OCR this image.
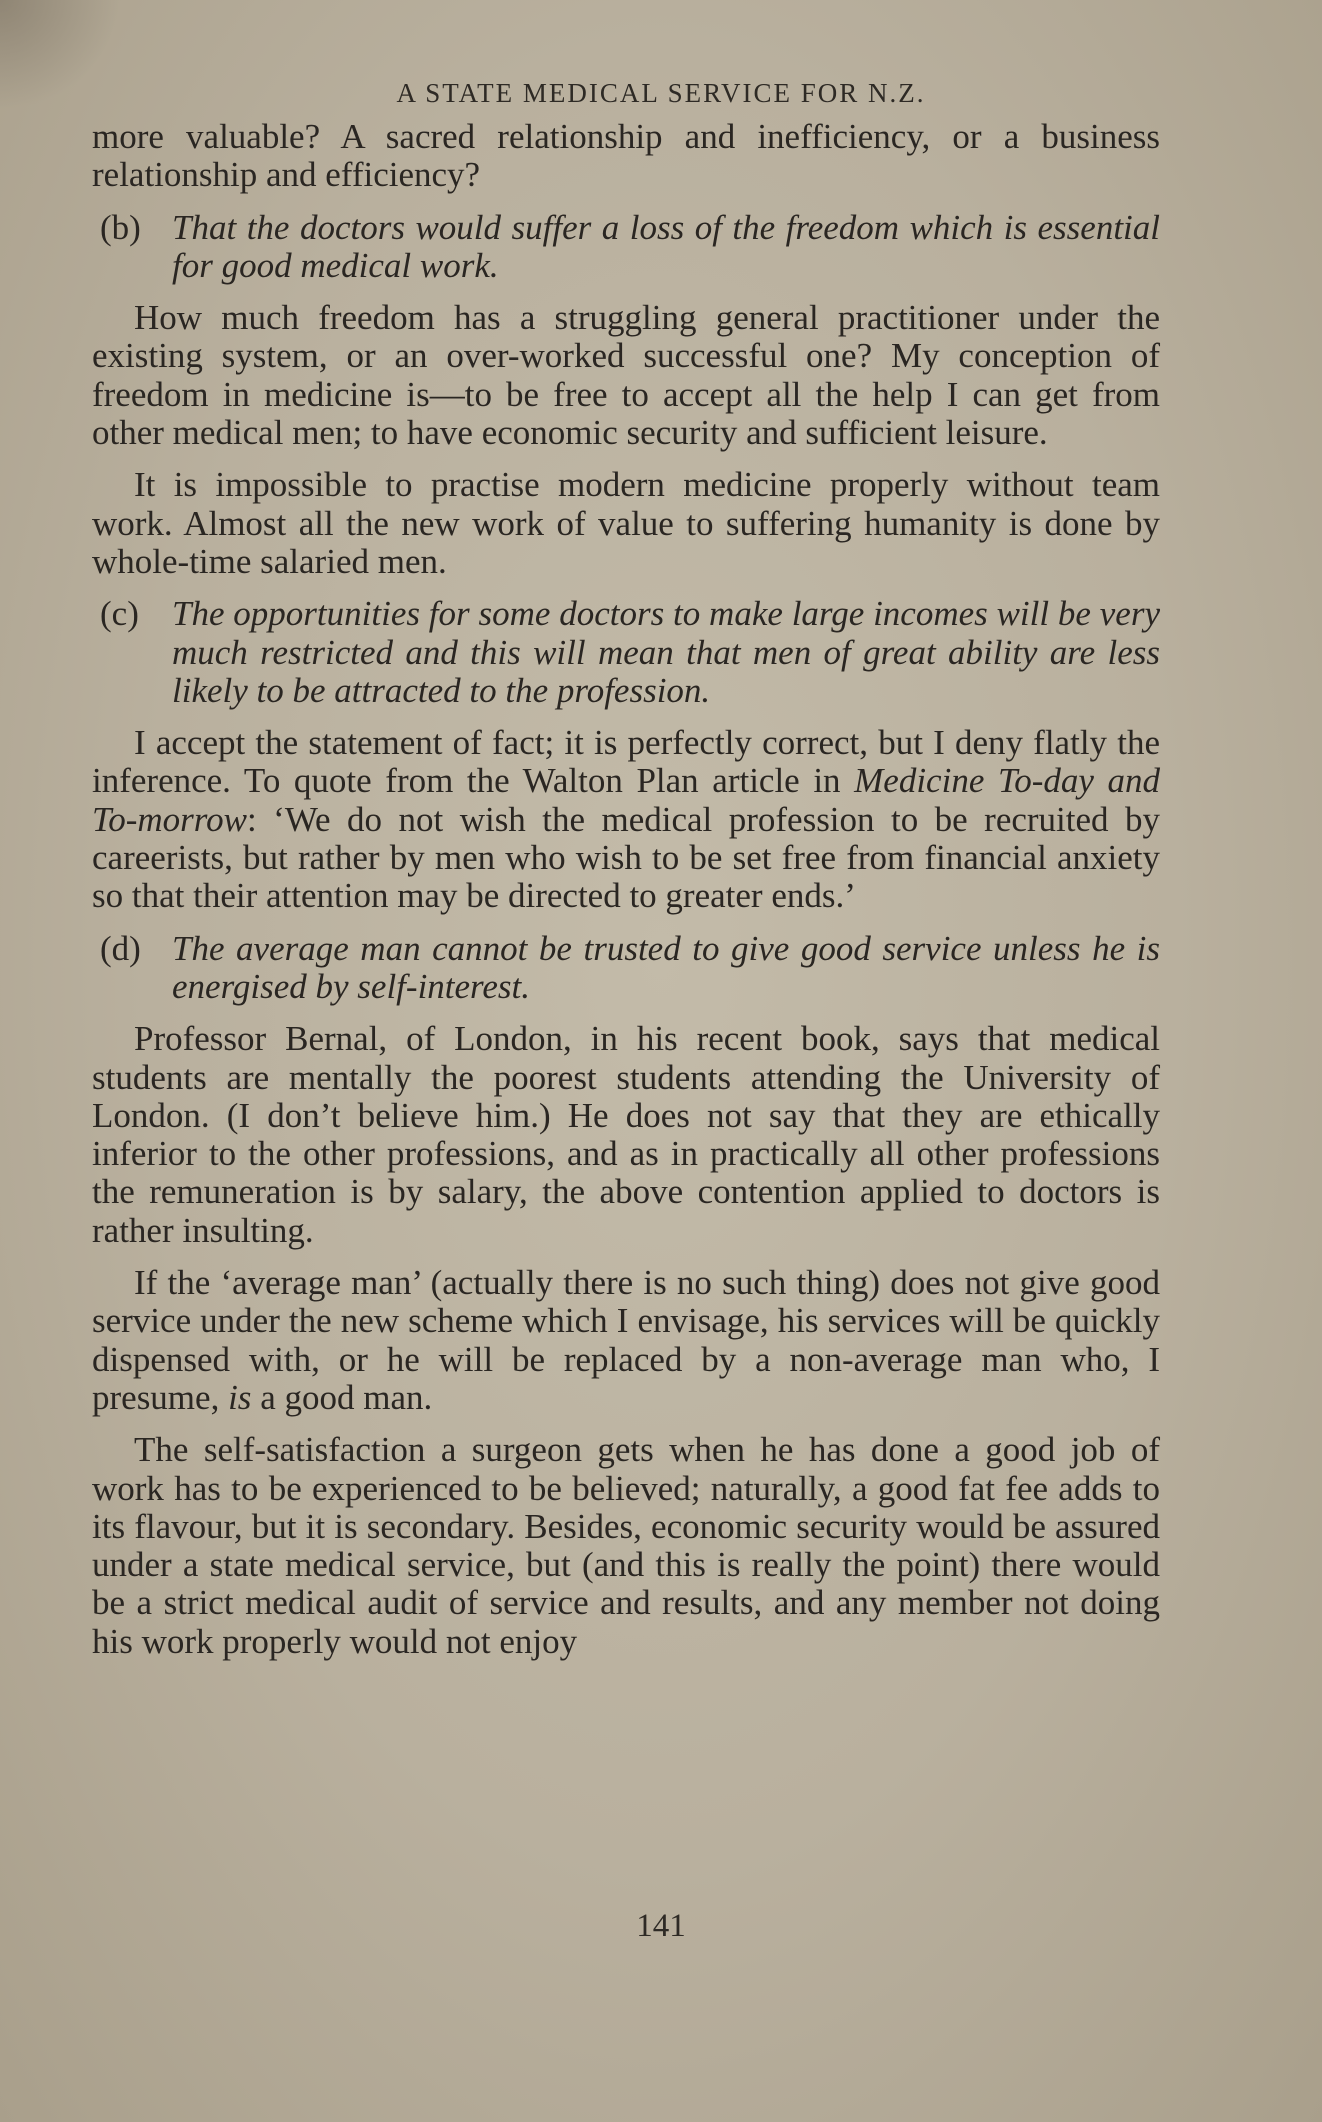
A STATE MEDICAL SERVICE FOR N.Z.

more valuable? A sacred relationship and inefficiency, or a business relationship and efficiency?

(b) That the doctors would suffer a loss of the freedom which is essential for good medical work.

How much freedom has a struggling general practitioner under the existing system, or an over-worked successful one? My conception of freedom in medicine is—to be free to accept all the help I can get from other medical men; to have economic security and sufficient leisure.

It is impossible to practise modern medicine properly without team work. Almost all the new work of value to suffering humanity is done by whole-time salaried men.

(c) The opportunities for some doctors to make large incomes will be very much restricted and this will mean that men of great ability are less likely to be attracted to the profession.

I accept the statement of fact; it is perfectly correct, but I deny flatly the inference. To quote from the Walton Plan article in Medicine To-day and To-morrow: ‘We do not wish the medical profession to be recruited by careerists, but rather by men who wish to be set free from financial anxiety so that their attention may be directed to greater ends.’

(d) The average man cannot be trusted to give good service unless he is energised by self-interest.

Professor Bernal, of London, in his recent book, says that medical students are mentally the poorest students attending the University of London. (I don’t believe him.) He does not say that they are ethically inferior to the other professions, and as in practically all other professions the remuneration is by salary, the above contention applied to doctors is rather insulting.

If the ‘average man’ (actually there is no such thing) does not give good service under the new scheme which I envisage, his services will be quickly dispensed with, or he will be replaced by a non-average man who, I presume, is a good man.

The self-satisfaction a surgeon gets when he has done a good job of work has to be experienced to be believed; naturally, a good fat fee adds to its flavour, but it is secondary. Besides, economic security would be assured under a state medical service, but (and this is really the point) there would be a strict medical audit of service and results, and any member not doing his work properly would not enjoy

141
